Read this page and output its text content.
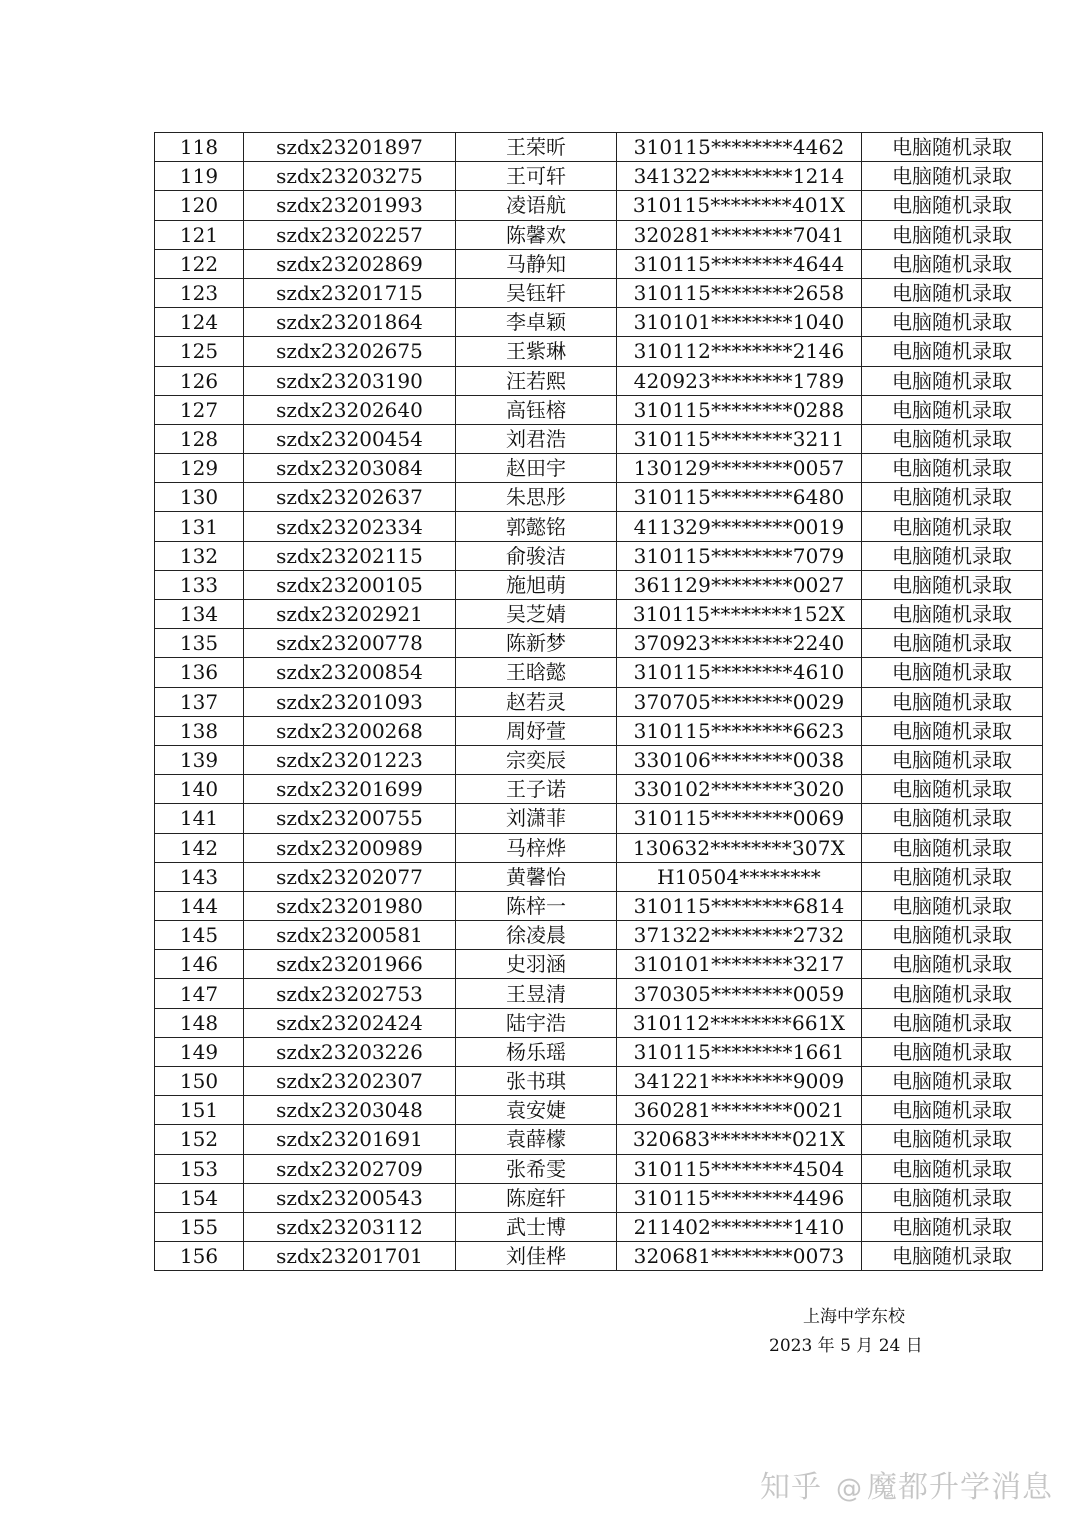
118	szdx23201897	王荣昕	310115********4462	电脑随机录取
119	szdx23203275	王可轩	341322********1214	电脑随机录取
120	szdx23201993	凌语航	310115********401X	电脑随机录取
121	szdx23202257	陈馨欢	320281********7041	电脑随机录取
122	szdx23202869	马静知	310115********4644	电脑随机录取
123	szdx23201715	吴钰轩	310115********2658	电脑随机录取
124	szdx23201864	李卓颖	310101********1040	电脑随机录取
125	szdx23202675	王紫琳	310112********2146	电脑随机录取
126	szdx23203190	汪若熙	420923********1789	电脑随机录取
127	szdx23202640	高钰榕	310115********0288	电脑随机录取
128	szdx23200454	刘君浩	310115********3211	电脑随机录取
129	szdx23203084	赵田宇	130129********0057	电脑随机录取
130	szdx23202637	朱思彤	310115********6480	电脑随机录取
131	szdx23202334	郭懿铭	411329********0019	电脑随机录取
132	szdx23202115	俞骏洁	310115********7079	电脑随机录取
133	szdx23200105	施旭萌	361129********0027	电脑随机录取
134	szdx23202921	吴芝婧	310115********152X	电脑随机录取
135	szdx23200778	陈新梦	370923********2240	电脑随机录取
136	szdx23200854	王晗懿	310115********4610	电脑随机录取
137	szdx23201093	赵若灵	370705********0029	电脑随机录取
138	szdx23200268	周妤萱	310115********6623	电脑随机录取
139	szdx23201223	宗奕辰	330106********0038	电脑随机录取
140	szdx23201699	王子诺	330102********3020	电脑随机录取
141	szdx23200755	刘潇菲	310115********0069	电脑随机录取
142	szdx23200989	马梓烨	130632********307X	电脑随机录取
143	szdx23202077	黄馨怡	H10504********	电脑随机录取
144	szdx23201980	陈梓一	310115********6814	电脑随机录取
145	szdx23200581	徐凌晨	371322********2732	电脑随机录取
146	szdx23201966	史羽涵	310101********3217	电脑随机录取
147	szdx23202753	王昱清	370305********0059	电脑随机录取
148	szdx23202424	陆宇浩	310112********661X	电脑随机录取
149	szdx23203226	杨乐瑶	310115********1661	电脑随机录取
150	szdx23202307	张书琪	341221********9009	电脑随机录取
151	szdx23203048	袁安婕	360281********0021	电脑随机录取
152	szdx23201691	袁薛檬	320683********021X	电脑随机录取
153	szdx23202709	张希雯	310115********4504	电脑随机录取
154	szdx23200543	陈庭轩	310115********4496	电脑随机录取
155	szdx23203112	武士博	211402********1410	电脑随机录取
156	szdx23201701	刘佳桦	320681********0073	电脑随机录取
上海中学东校
2023 年 5 月 24 日
知乎 @ 魔都升学消息
